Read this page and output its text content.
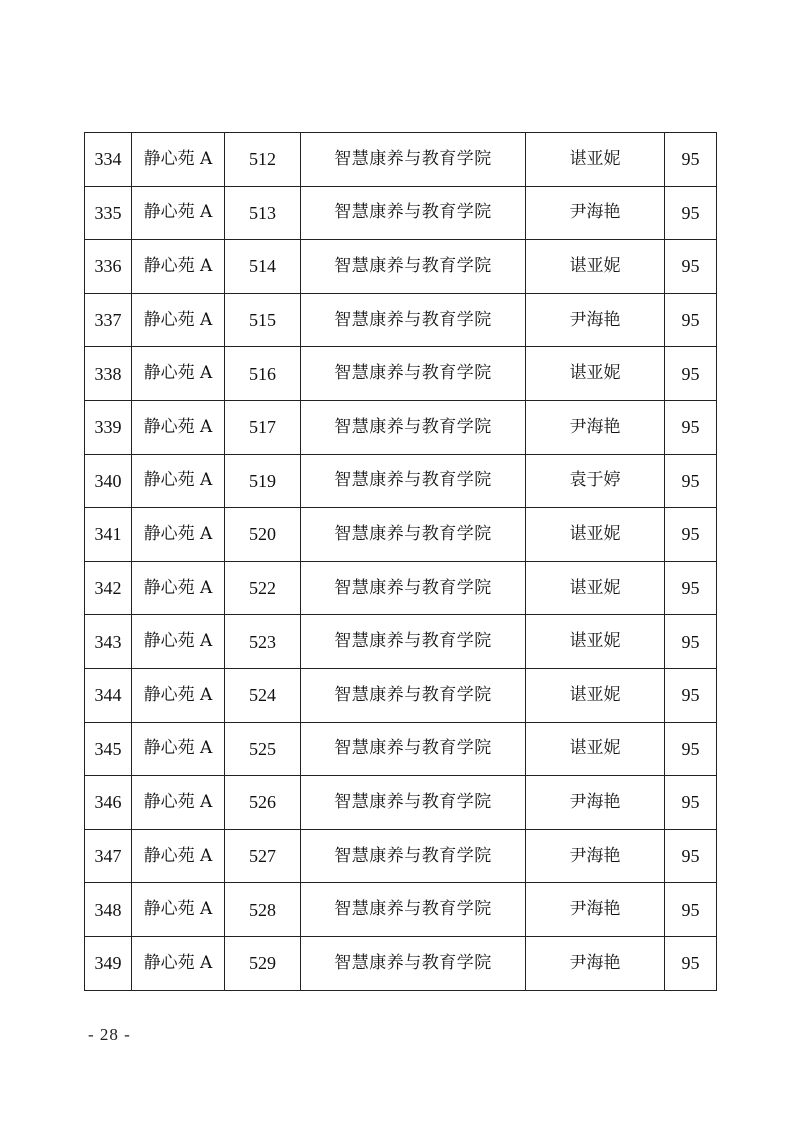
334	静心苑 A	512	智慧康养与教育学院	谌亚妮	95
335	静心苑 A	513	智慧康养与教育学院	尹海艳	95
336	静心苑 A	514	智慧康养与教育学院	谌亚妮	95
337	静心苑 A	515	智慧康养与教育学院	尹海艳	95
338	静心苑 A	516	智慧康养与教育学院	谌亚妮	95
339	静心苑 A	517	智慧康养与教育学院	尹海艳	95
340	静心苑 A	519	智慧康养与教育学院	袁于婷	95
341	静心苑 A	520	智慧康养与教育学院	谌亚妮	95
342	静心苑 A	522	智慧康养与教育学院	谌亚妮	95
343	静心苑 A	523	智慧康养与教育学院	谌亚妮	95
344	静心苑 A	524	智慧康养与教育学院	谌亚妮	95
345	静心苑 A	525	智慧康养与教育学院	谌亚妮	95
346	静心苑 A	526	智慧康养与教育学院	尹海艳	95
347	静心苑 A	527	智慧康养与教育学院	尹海艳	95
348	静心苑 A	528	智慧康养与教育学院	尹海艳	95
349	静心苑 A	529	智慧康养与教育学院	尹海艳	95
- 28 -
